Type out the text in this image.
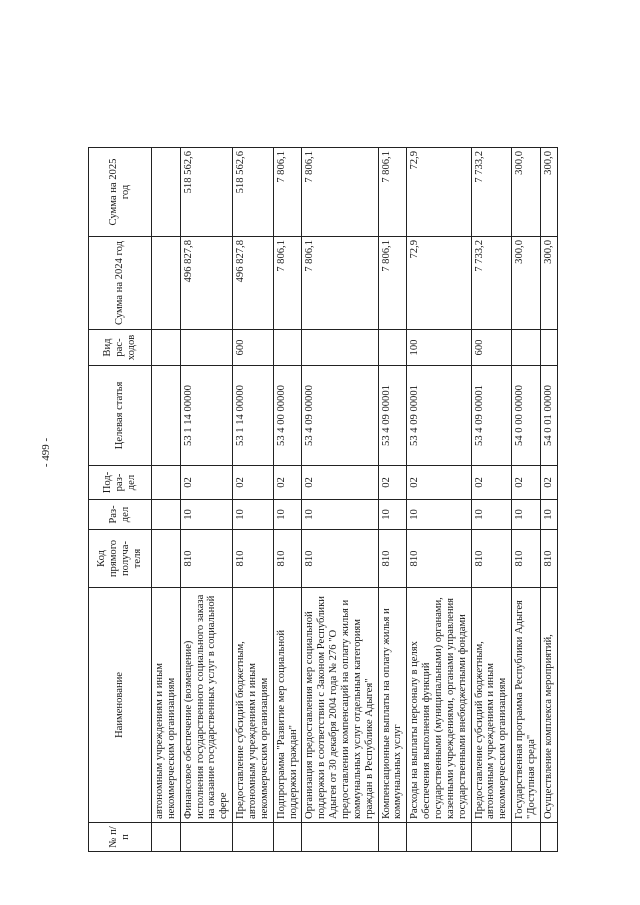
- 499 -
№ п/п	Наименование	Код прямого получа-теля	Раз-дел	Под-раз-дел	Целевая статья	Вид рас-ходов	Сумма на 2024 год	Сумма на 2025 год
	автономным учреждениям и иным некоммерческим организациям							
	Финансовое обеспечение (возмещение) исполнения государственного социального заказа на оказание государственных услуг в социальной сфере	810	10	02	53 1 14 00000		496 827,8	518 562,6
	Предоставление субсидий бюджетным, автономным учреждениям и иным некоммерческим организациям	810	10	02	53 1 14 00000	600	496 827,8	518 562,6
	Подпрограмма "Развитие мер социальной поддержки граждан"	810	10	02	53 4 00 00000		7 806,1	7 806,1
	Организация предоставления мер социальной поддержки в соответствии с Законом Республики Адыгея от 30 декабря 2004 года № 276 "О предоставлении компенсаций на оплату жилья и коммунальных услуг отдельным категориям граждан в Республике Адыгея"	810	10	02	53 4 09 00000		7 806,1	7 806,1
	Компенсационные выплаты на оплату жилья и коммунальных услуг	810	10	02	53 4 09 00001		7 806,1	7 806,1
	Расходы на выплаты персоналу в целях обеспечения выполнения функций государственными (муниципальными) органами, казенными учреждениями, органами управления государственными внебюджетными фондами	810	10	02	53 4 09 00001	100	72,9	72,9
	Предоставление субсидий бюджетным, автономным учреждениям и иным некоммерческим организациям	810	10	02	53 4 09 00001	600	7 733,2	7 733,2
	Государственная программа Республики Адыгея "Доступная среда"	810	10	02	54 0 00 00000		300,0	300,0
	Осуществление комплекса мероприятий,	810	10	02	54 0 01 00000		300,0	300,0
